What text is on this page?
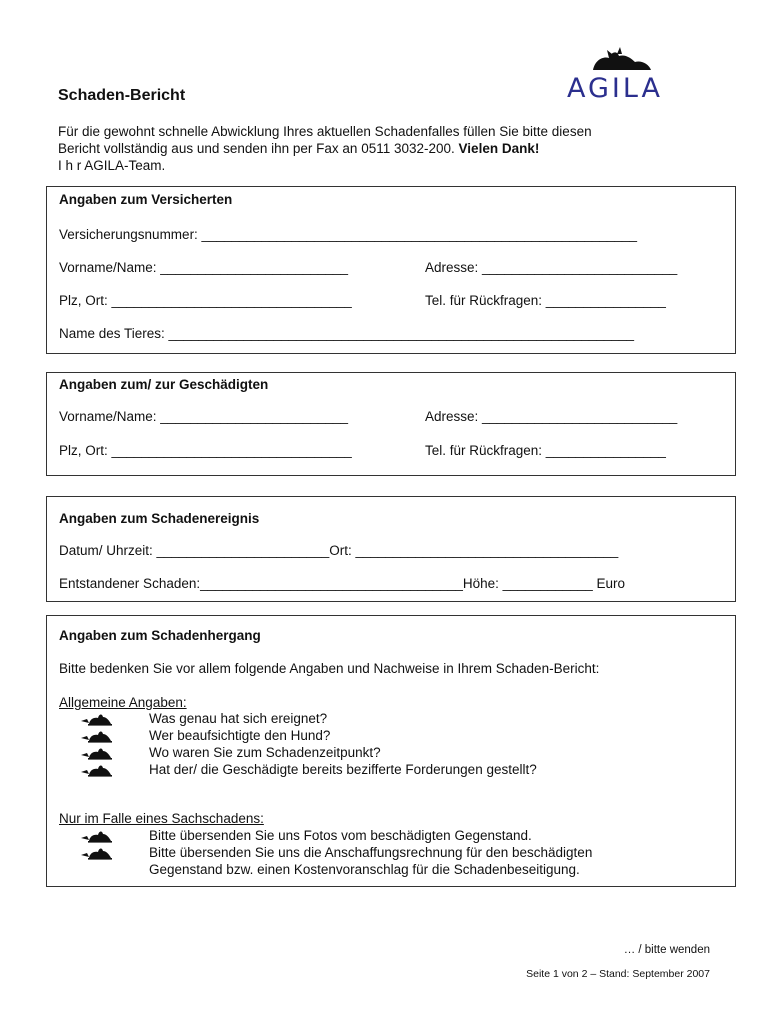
AGILA
Schaden-Bericht
Für die gewohnt schnelle Abwicklung Ihres aktuellen Schadenfalles füllen Sie bitte diesen
Bericht vollständig aus und senden ihn per Fax an 0511 3032-200. Vielen Dank!
I h r AGILA-Team.
Angaben zum Versicherten
Versicherungsnummer: __________________________________________________________
Vorname/Name: _________________________	Adresse: __________________________
Plz, Ort: ________________________________	Tel. für Rückfragen: ________________
Name des Tieres: ______________________________________________________________
Angaben zum/ zur Geschädigten
Vorname/Name: _________________________	Adresse: __________________________
Plz, Ort: ________________________________	Tel. für Rückfragen: ________________
Angaben zum Schadenereignis
Datum/ Uhrzeit: _______________________Ort: ___________________________________
Entstandener Schaden:___________________________________Höhe: ____________ Euro
Angaben zum Schadenhergang
Bitte bedenken Sie vor allem folgende Angaben und Nachweise in Ihrem Schaden-Bericht:
Allgemeine Angaben:
Was genau hat sich ereignet?
Wer beaufsichtigte den Hund?
Wo waren Sie zum Schadenzeitpunkt?
Hat der/ die Geschädigte bereits bezifferte Forderungen gestellt?
Nur im Falle eines Sachschadens:
Bitte übersenden Sie uns Fotos vom beschädigten Gegenstand.
Bitte übersenden Sie uns die Anschaffungsrechnung für den beschädigten
Gegenstand bzw. einen Kostenvoranschlag für die Schadenbeseitigung.
… / bitte wenden
Seite 1 von 2 – Stand: September 2007
